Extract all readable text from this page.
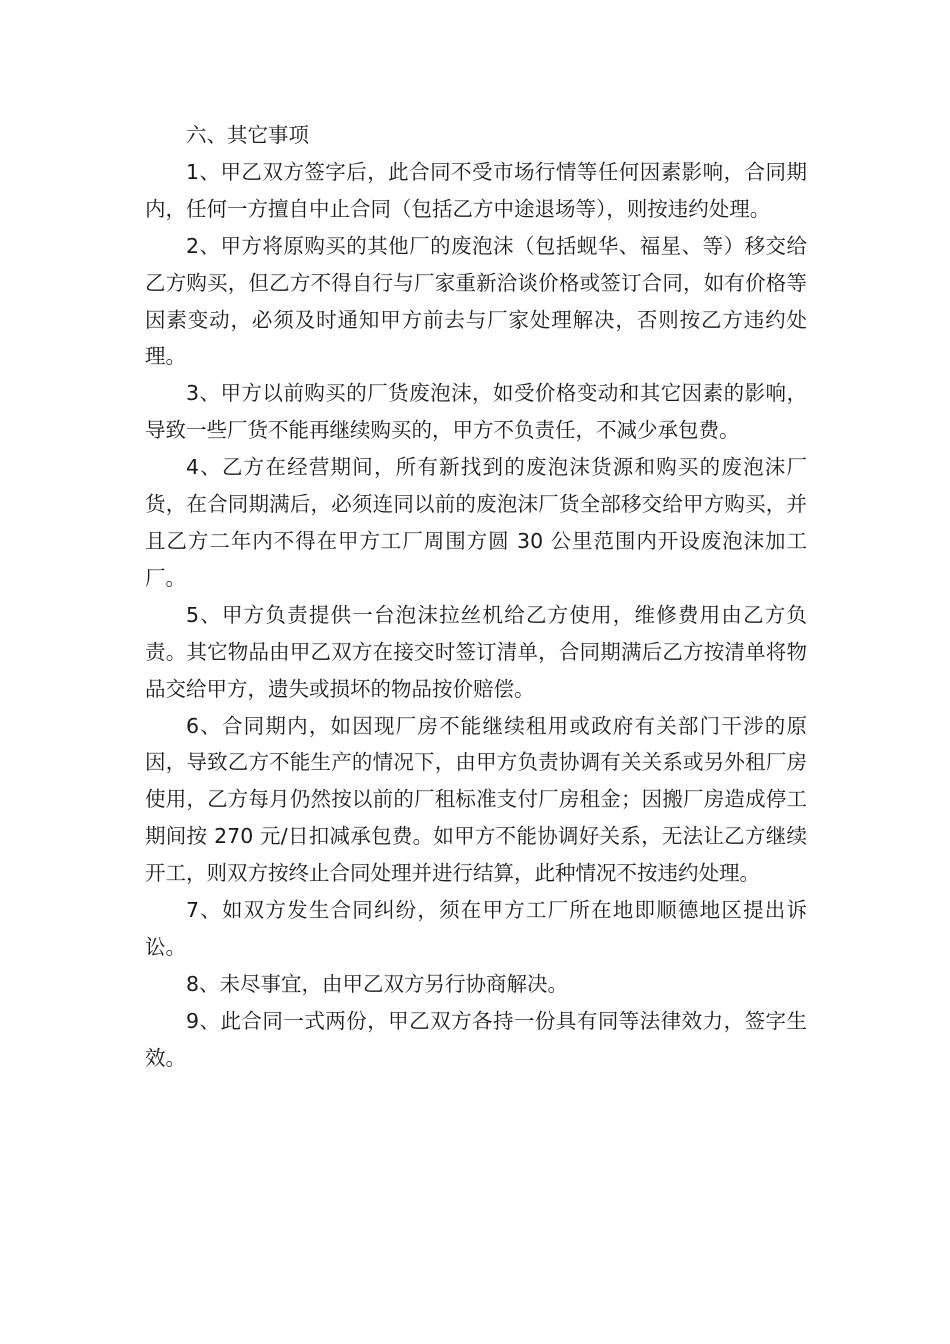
六、其它事项

1、甲乙双方签字后，此合同不受市场行情等任何因素影响，合同期内，任何一方擅自中止合同（包括乙方中途退场等），则按违约处理。

2、甲方将原购买的其他厂的废泡沫（包括蚬华、福星、等）移交给乙方购买，但乙方不得自行与厂家重新洽谈价格或签订合同，如有价格等因素变动，必须及时通知甲方前去与厂家处理解决，否则按乙方违约处理。

3、甲方以前购买的厂货废泡沫，如受价格变动和其它因素的影响，导致一些厂货不能再继续购买的，甲方不负责任，不减少承包费。

4、乙方在经营期间，所有新找到的废泡沫货源和购买的废泡沫厂货，在合同期满后，必须连同以前的废泡沫厂货全部移交给甲方购买，并且乙方二年内不得在甲方工厂周围方圆 30 公里范围内开设废泡沫加工厂。

5、甲方负责提供一台泡沫拉丝机给乙方使用，维修费用由乙方负责。其它物品由甲乙双方在接交时签订清单，合同期满后乙方按清单将物品交给甲方，遗失或损坏的物品按价赔偿。

6、合同期内，如因现厂房不能继续租用或政府有关部门干涉的原因，导致乙方不能生产的情况下，由甲方负责协调有关关系或另外租厂房使用，乙方每月仍然按以前的厂租标准支付厂房租金；因搬厂房造成停工期间按 270 元/日扣减承包费。如甲方不能协调好关系，无法让乙方继续开工，则双方按终止合同处理并进行结算，此种情况不按违约处理。

7、如双方发生合同纠纷，须在甲方工厂所在地即顺德地区提出诉讼。

8、未尽事宜，由甲乙双方另行协商解决。

9、此合同一式两份，甲乙双方各持一份具有同等法律效力，签字生效。
